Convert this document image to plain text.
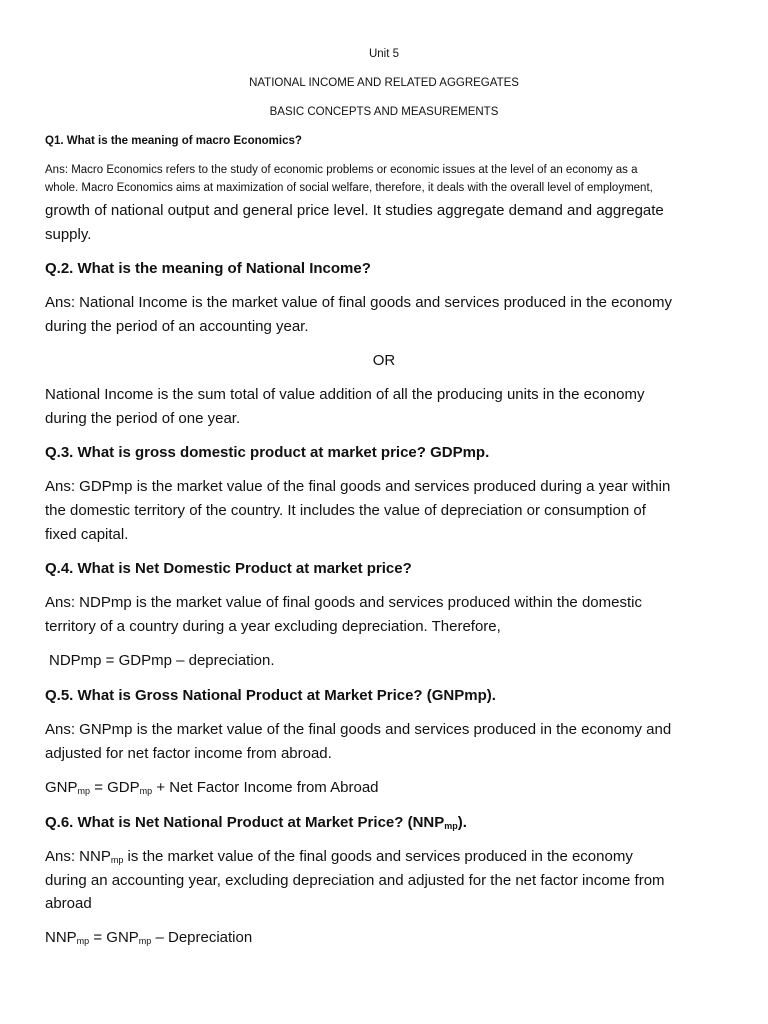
Unit 5
NATIONAL INCOME AND RELATED AGGREGATES
BASIC CONCEPTS AND MEASUREMENTS
Q1. What is the meaning of macro Economics?
Ans: Macro Economics refers to the study of economic problems or economic issues at the level of an economy as a
whole. Macro Economics aims at maximization of social welfare, therefore, it deals with the overall level of employment,
growth of national output and general price level. It studies aggregate demand and aggregate
supply.
Q.2. What is the meaning of National Income?
Ans: National Income is the market value of final goods and services produced in the economy
during the period of an accounting year.
OR
National Income is the sum total of value addition of all the producing units in the economy
during the period of one year.
Q.3. What is gross domestic product at market price? GDPmp.
Ans: GDPmp is the market value of the final goods and services produced during a year within
the domestic territory of the country. It includes the value of depreciation or consumption of
fixed capital.
Q.4. What is Net Domestic Product at market price?
Ans: NDPmp is the market value of final goods and services produced within the domestic
territory of a country during a year excluding depreciation. Therefore,
NDPmp = GDPmp – depreciation.
Q.5. What is Gross National Product at Market Price? (GNPmp).
Ans: GNPmp is the market value of the final goods and services produced in the economy and
adjusted for net factor income from abroad.
$GNP_{mp} = GDP_{mp}$ + Net Factor Income from Abroad
Q.6. What is Net National Product at Market Price? $(NNP_{mp})$.
Ans: $NNP_{mp}$ is the market value of the final goods and services produced in the economy
during an accounting year, excluding depreciation and adjusted for the net factor income from
abroad
$NNP_{mp} = GNP_{mp}$ – Depreciation
